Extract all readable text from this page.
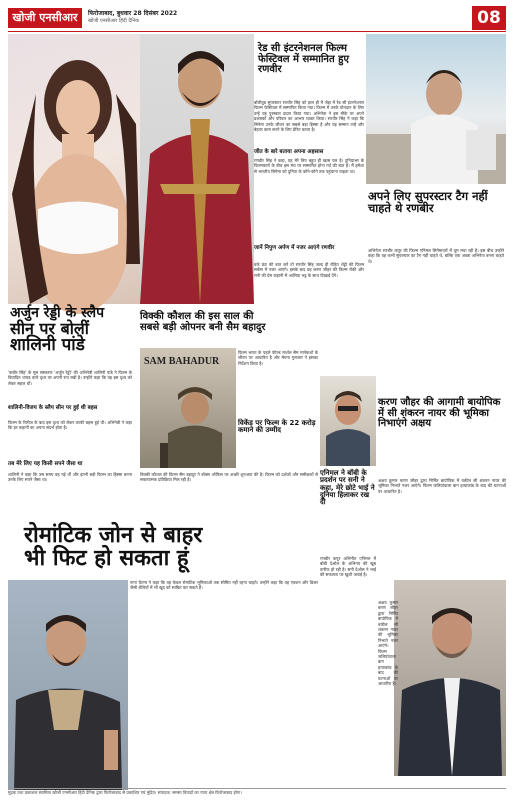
खोजी एनसीआर	फिरोजाबाद, बुधवार 28 दिसंबर 2022
खोजी एनसीआर हिंदी दैनिक	08
रेड सी इंटरनेशनल फिल्म फेस्टिवल में सम्मानित हुए रणवीर
बॉलीवुड सुपरस्टार रणवीर सिंह को हाल ही में जेद्दा में रेड सी इंटरनेशनल फिल्म फेस्टिवल में सम्मानित किया गया। फिल्म में उनके योगदान के लिए उन्हें यह पुरस्कार प्रदान किया गया। अभिनेता ने इस मौके पर अपने प्रशंसकों और परिवार का आभार व्यक्त किया। रणवीर सिंह ने कहा कि सिनेमा उनके जीवन का सबसे बड़ा हिस्सा है और यह सम्मान उन्हें और बेहतर काम करने के लिए प्रेरित करता है।
जीत के बारे बताया अपना अहसास
रणवीर सिंह ने कहा, यह मेरे लिए बहुत ही खास पल है। दुनियाभर के फिल्मकारों के बीच इस मंच पर सम्मानित होना गर्व की बात है। मैं हमेशा से भारतीय सिनेमा को दुनिया के कोने-कोने तक पहुंचाना चाहता था।
जानें निपुण अर्पण में नजर आएंगे रणवीर
वर्क फ्रंट की बात करें तो रणवीर सिंह जल्द ही रोहित शेट्टी की फिल्म सर्कस में नजर आएंगे। इसके बाद वह करण जौहर की फिल्म रॉकी और रानी की प्रेम कहानी में आलिया भट्ट के साथ दिखाई देंगे।
अपने लिए सुपरस्टार टैग नहीं चाहते थे रणबीर
अभिनेता रणबीर कपूर की फिल्म एनिमल सिनेमाघरों में धूम मचा रही है। इस बीच उन्होंने कहा कि वह कभी सुपरस्टार का टैग नहीं चाहते थे, बल्कि एक अच्छा अभिनेता बनना चाहते थे।
अर्जुन रेड्डी के स्लैप
सीन पर बोलीं
शालिनी पांडे
'कबीर सिंह' के मूल संस्करण 'अर्जुन रेड्डी' की अभिनेत्री शालिनी पांडे ने फिल्म के विवादित थप्पड़ वाले दृश्य पर अपनी राय रखी है। उन्होंने कहा कि वह इस दृश्य को लेकर सहज थीं।
शालिनी-विजय के स्लैप सीन पर हुई थी बहस
फिल्म के रिलीज के बाद इस दृश्य को लेकर काफी बहस हुई थी। अभिनेत्री ने कहा कि हर कहानी का अपना संदर्भ होता है।
तब मेरे लिए यह किसी सपने जैसा था
शालिनी ने कहा कि उस समय वह नई थीं और इतनी बड़ी फिल्म का हिस्सा बनना उनके लिए सपने जैसा था।
विक्की कौशल की इस साल की
सबसे बड़ी ओपनर बनी सैम बहादुर
SAM BAHADUR
फिल्म भारत के पहले फील्ड मार्शल सैम मानेकशॉ के जीवन पर आधारित है और मेघना गुलजार ने इसका निर्देशन किया है।
विकेंड पर फिल्म के 22 करोड़ कमाने की उम्मीद
विक्की कौशल की फिल्म सैम बहादुर ने बॉक्स ऑफिस पर अच्छी शुरुआत की है। फिल्म को दर्शकों और समीक्षकों से सकारात्मक प्रतिक्रिया मिल रही है।
एनिमल ने बॉबी के प्रदर्शन पर सनी ने कहा, मेरे छोटे भाई ने दुनिया हिलाकर रख दी
करण जौहर की आगामी बायोपिक में सी शंकरन नायर की भूमिका निभाएंगे अक्षय
अक्षय कुमार करण जौहर द्वारा निर्मित बायोपिक में वकील सी शंकरन नायर की भूमिका निभाते नजर आएंगे। फिल्म जलियांवाला बाग हत्याकांड के बाद की घटनाओं पर आधारित है।
रणबीर कपूर अभिनीत एनिमल में बॉबी देओल के अभिनय की खूब तारीफ हो रही है। सनी देओल ने भाई की सफलता पर खुशी जताई है।
रोमांटिक जोन से बाहर
भी फिट हो सकता हूं
नागा चैतन्य ने कहा कि वह केवल रोमांटिक भूमिकाओं तक सीमित नहीं रहना चाहते। उन्होंने कहा कि वह एक्शन और थ्रिलर जैसी शैलियों में भी खुद को साबित कर सकते हैं।
अक्षय कुमार करण जौहर द्वारा निर्मित बायोपिक में वकील सी शंकरन नायर की भूमिका निभाते नजर आएंगे। फिल्म जलियांवाला बाग हत्याकांड के बाद की घटनाओं पर आधारित है।
मुद्रक तथा प्रकाशक स्वामित्व खोजी एनसीआर हिंदी दैनिक द्वारा फिरोजाबाद से प्रकाशित एवं मुद्रित। संपादक: समस्त विवादों का न्याय क्षेत्र फिरोजाबाद होगा।
